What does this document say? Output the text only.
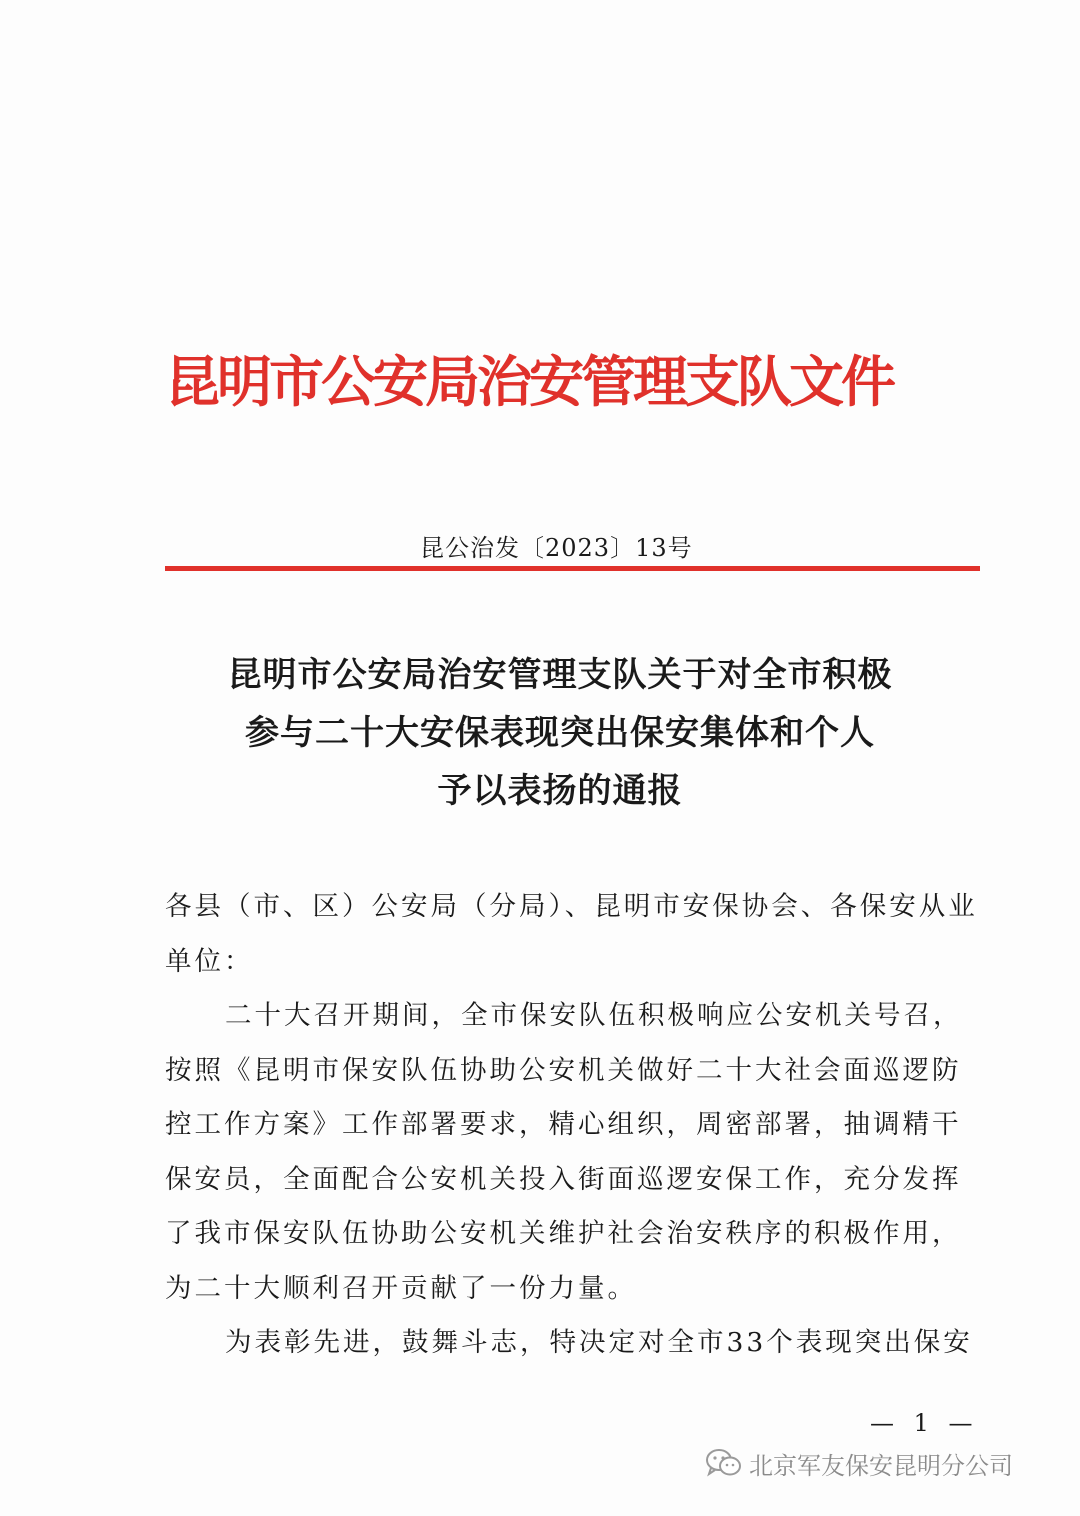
昆明市公安局治安管理支队文件
昆公治发〔2023〕13号
昆明市公安局治安管理支队关于对全市积极
参与二十大安保表现突出保安集体和个人
予以表扬的通报
各县（市、区）公安局（分局）、昆明市安保协会、各保安从业
单位：
二十大召开期间，全市保安队伍积极响应公安机关号召，
按照《昆明市保安队伍协助公安机关做好二十大社会面巡逻防
控工作方案》工作部署要求，精心组织，周密部署，抽调精干
保安员，全面配合公安机关投入街面巡逻安保工作，充分发挥
了我市保安队伍协助公安机关维护社会治安秩序的积极作用，
为二十大顺利召开贡献了一份力量。
为表彰先进，鼓舞斗志，特决定对全市33个表现突出保安
— 1 —
北京军友保安昆明分公司
